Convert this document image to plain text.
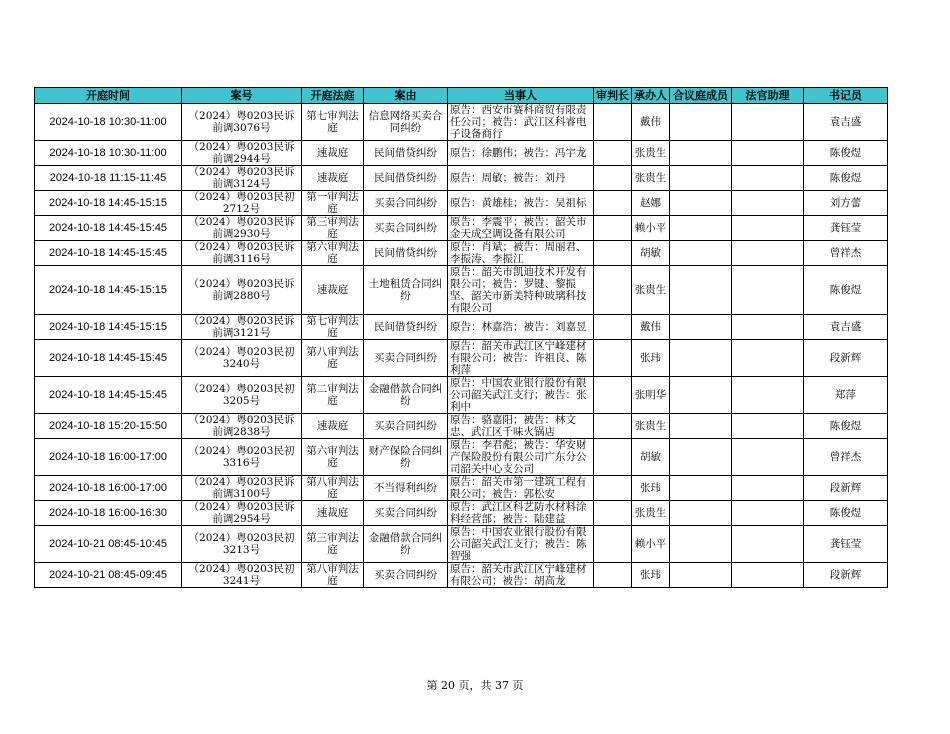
开庭时间	案号	开庭法庭	案由	当事人	审判长	承办人	合议庭成员	法官助理	书记员

2024-10-18 10:30-11:00	（2024）粤0203民诉前调3076号	第七审判法庭	信息网络买卖合同纠纷	原告：西安市赛科商贸有限责任公司；被告：武江区科睿电子设备商行		戴伟			袁吉盛

2024-10-18 10:30-11:00	（2024）粤0203民诉前调2944号	速裁庭	民间借贷纠纷	原告：徐鹏伟；被告：冯宇龙		张贵生			陈俊煜

2024-10-18 11:15-11:45	（2024）粤0203民诉前调3124号	速裁庭	民间借贷纠纷	原告：周敏；被告：刘丹		张贵生			陈俊煜

2024-10-18 14:45-15:15	（2024）粤0203民初2712号	第一审判法庭	买卖合同纠纷	原告：黄雄桂；被告：吴祖标		赵娜			刘方蕾

2024-10-18 14:45-15:45	（2024）粤0203民诉前调2930号	第三审判法庭	买卖合同纠纷	原告：李震平；被告：韶关市金天成空调设备有限公司		赖小平			龚钰莹

2024-10-18 14:45-15:45	（2024）粤0203民诉前调3116号	第六审判法庭	民间借贷纠纷	原告：肖斌；被告：周丽君、李振涛、李振江		胡敏			曾祥杰

2024-10-18 14:45-15:15	（2024）粤0203民诉前调2880号	速裁庭	土地租赁合同纠纷	原告：韶关市凯迪技术开发有限公司；被告：罗键、黎振坚、韶关市新美特种玻璃科技有限公司		张贵生			陈俊煜

2024-10-18 14:45-15:15	（2024）粤0203民诉前调3121号	第七审判法庭	民间借贷纠纷	原告：林嘉浩；被告：刘嘉昱		戴伟			袁吉盛

2024-10-18 14:45-15:45	（2024）粤0203民初3240号	第八审判法庭	买卖合同纠纷	原告：韶关市武江区宁峰建材有限公司；被告：许祖良、陈利萍		张玮			段新辉

2024-10-18 14:45-15:45	（2024）粤0203民初3205号	第二审判法庭	金融借款合同纠纷	原告：中国农业银行股份有限公司韶关武江支行；被告：张利中		张明华			郑萍

2024-10-18 15:20-15:50	（2024）粤0203民诉前调2838号	速裁庭	买卖合同纠纷	原告：骆嘉阳；被告：林文忠、武江区千味火锅店		张贵生			陈俊煜

2024-10-18 16:00-17:00	（2024）粤0203民初3316号	第六审判法庭	财产保险合同纠纷	原告：李君彪；被告：华安财产保险股份有限公司广东分公司韶关中心支公司		胡敏			曾祥杰

2024-10-18 16:00-17:00	（2024）粤0203民诉前调3100号	第八审判法庭	不当得利纠纷	原告：韶关市第一建筑工程有限公司；被告：郭松安		张玮			段新辉

2024-10-18 16:00-16:30	（2024）粤0203民诉前调2954号	速裁庭	买卖合同纠纷	原告：武江区科艺防水材料涂料经营部；被告：陆建益		张贵生			陈俊煜

2024-10-21 08:45-10:45	（2024）粤0203民初3213号	第三审判法庭	金融借款合同纠纷	原告：中国农业银行股份有限公司韶关武江支行；被告：陈智强		赖小平			龚钰莹

2024-10-21 08:45-09:45	（2024）粤0203民初3241号	第八审判法庭	买卖合同纠纷	原告：韶关市武江区宁峰建材有限公司；被告：胡高龙		张玮			段新辉
第 20 页，共 37 页
